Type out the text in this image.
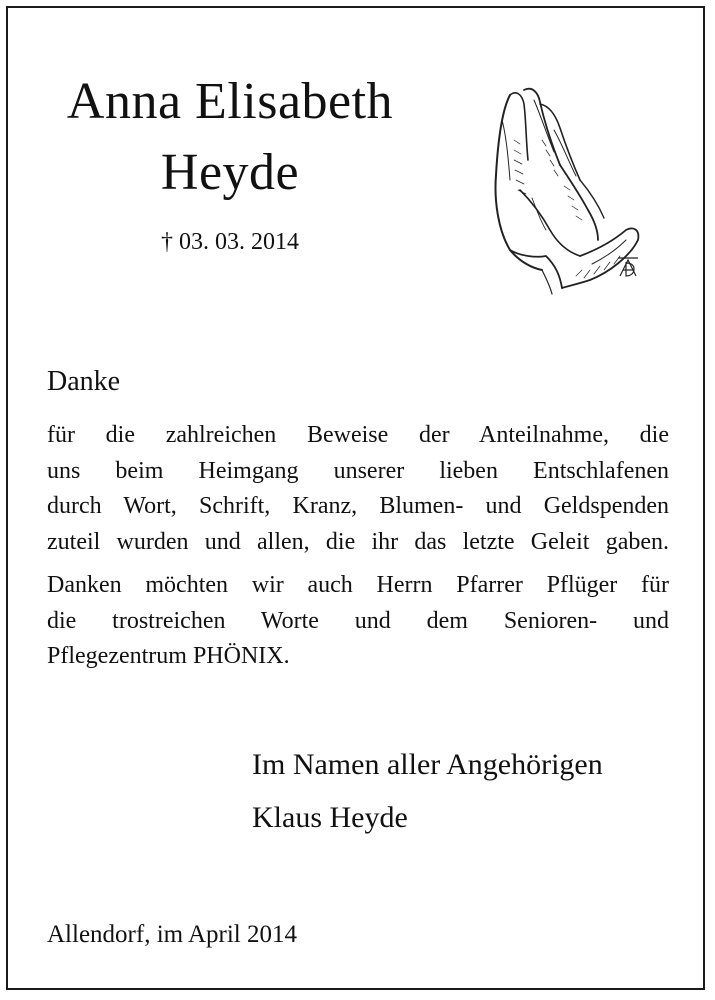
Anna Elisabeth
Heyde
† 03. 03. 2014
Danke
für die zahlreichen Beweise der Anteilnahme, die
uns beim Heimgang unserer lieben Entschlafenen
durch Wort, Schrift, Kranz, Blumen- und Geldspenden
zuteil wurden und allen, die ihr das letzte Geleit gaben.
Danken möchten wir auch Herrn Pfarrer Pflüger für
die trostreichen Worte und dem Senioren- und
Pflegezentrum PHÖNIX.
Im Namen aller Angehörigen
Klaus Heyde
Allendorf, im April 2014
